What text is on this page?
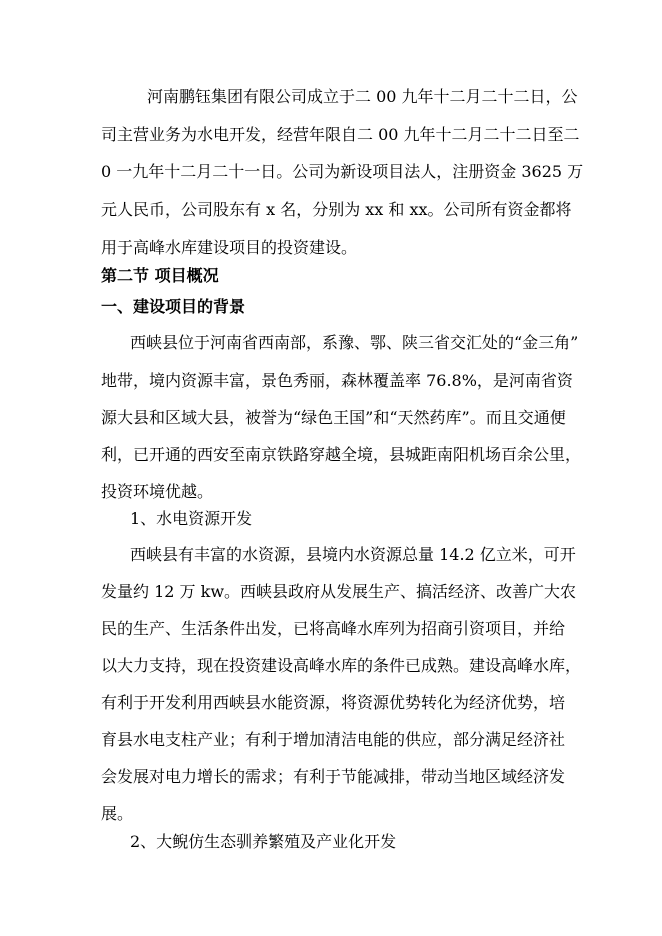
河南鹏钰集团有限公司成立于二 00 九年十二月二十二日，公
司主营业务为水电开发，经营年限自二 00 九年十二月二十二日至二
0 一九年十二月二十一日。公司为新设项目法人，注册资金 3625 万
元人民币，公司股东有 x 名，分别为 xx 和 xx。公司所有资金都将
用于高峰水库建设项目的投资建设。
第二节 项目概况
一、建设项目的背景
西峡县位于河南省西南部，系豫、鄂、陕三省交汇处的“金三角”
地带，境内资源丰富，景色秀丽，森林覆盖率 76.8%，是河南省资
源大县和区域大县，被誉为“绿色王国”和“天然药库”。而且交通便
利，已开通的西安至南京铁路穿越全境，县城距南阳机场百余公里，
投资环境优越。
1、水电资源开发
西峡县有丰富的水资源，县境内水资源总量 14.2 亿立米，可开
发量约 12 万 kw。西峡县政府从发展生产、搞活经济、改善广大农
民的生产、生活条件出发，已将高峰水库列为招商引资项目，并给
以大力支持，现在投资建设高峰水库的条件已成熟。建设高峰水库，
有利于开发利用西峡县水能资源，将资源优势转化为经济优势，培
育县水电支柱产业；有利于增加清洁电能的供应，部分满足经济社
会发展对电力增长的需求；有利于节能减排，带动当地区域经济发
展。
2、大鲵仿生态驯养繁殖及产业化开发
